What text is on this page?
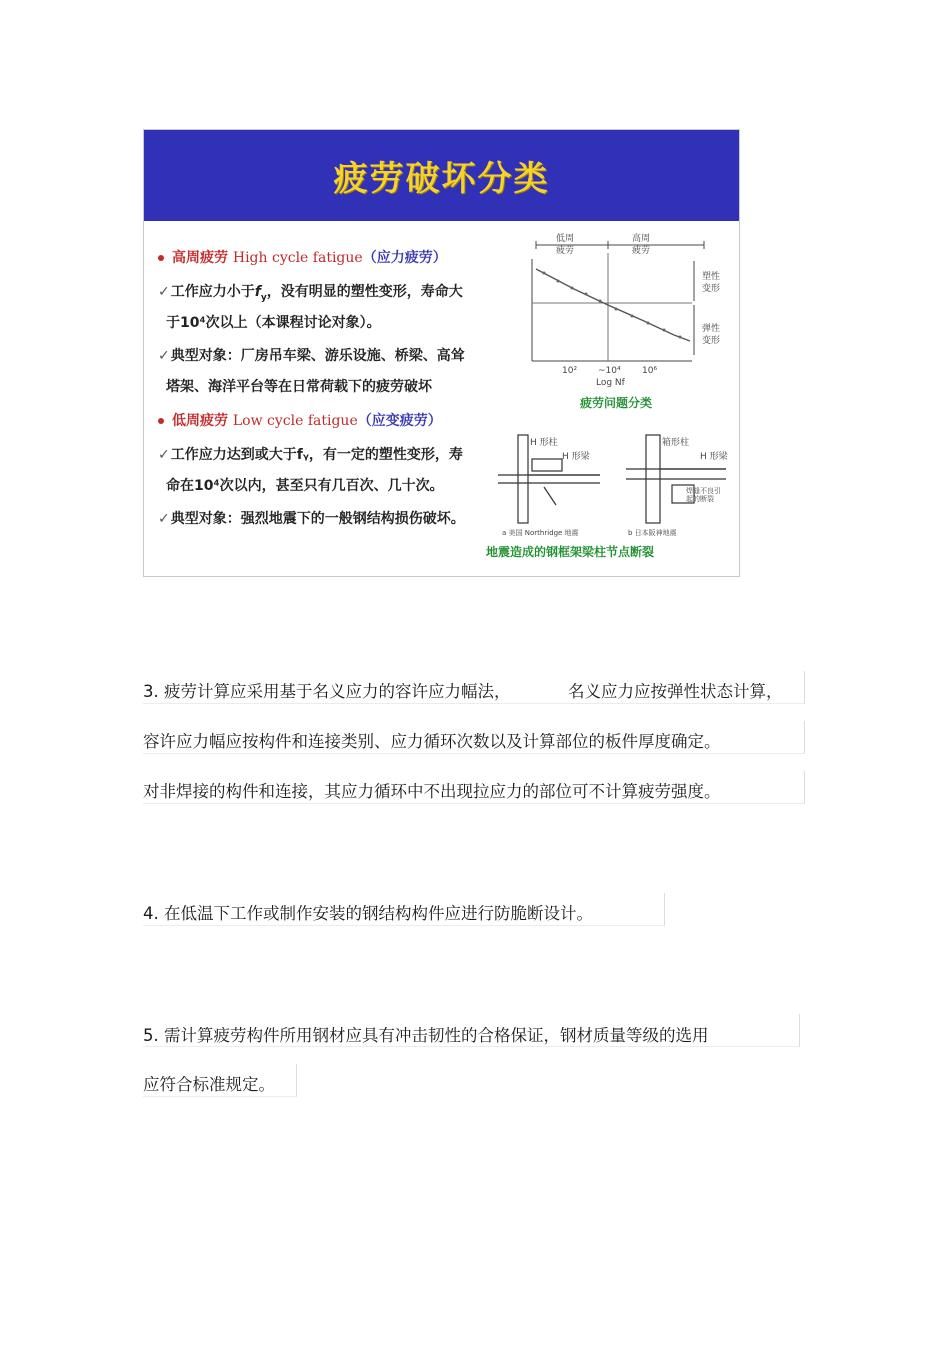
疲劳破坏分类
高周疲劳 High cycle fatigue（应力疲劳）
✓工作应力小于$f_y$，没有明显的塑性变形，寿命大
于10⁴次以上（本课程讨论对象）。
✓典型对象：厂房吊车梁、游乐设施、桥梁、高耸
塔架、海洋平台等在日常荷载下的疲劳破坏
低周疲劳 Low cycle fatigue（应变疲劳）
✓工作应力达到或大于fᵧ，有一定的塑性变形，寿
命在10⁴次以内，甚至只有几百次、几十次。
✓典型对象：强烈地震下的一般钢结构损伤破坏。
低周
疲劳
高周
疲劳
塑性
变形
弹性
变形
10² ~10⁴ 10⁶
Log Nf
疲劳问题分类
H 形柱
H 形梁
a 美国 Northridge 地震
箱形柱
H 形梁
焊缝不良引
起的断裂
b 日本阪神地震
地震造成的钢框架梁柱节点断裂
3. 疲劳计算应采用基于名义应力的容许应力幅法，	名义应力应按弹性状态计算，
容许应力幅应按构件和连接类别、应力循环次数以及计算部位的板件厚度确定。
对非焊接的构件和连接，其应力循环中不出现拉应力的部位可不计算疲劳强度。
4. 在低温下工作或制作安装的钢结构构件应进行防脆断设计。
5. 需计算疲劳构件所用钢材应具有冲击韧性的合格保证，钢材质量等级的选用
应符合标准规定。
